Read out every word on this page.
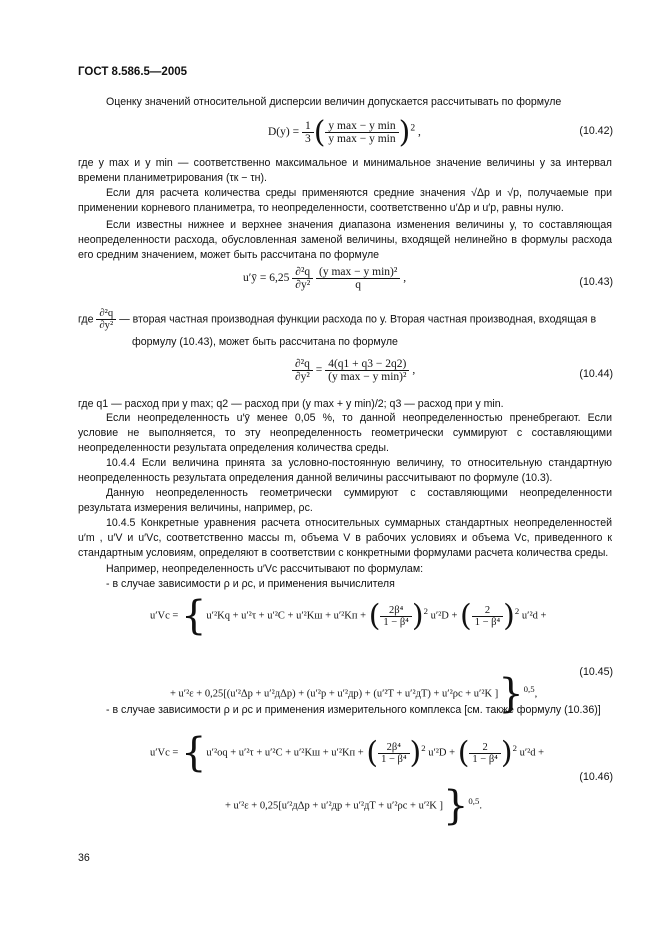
ГОСТ 8.586.5—2005
Оценку значений относительной дисперсии величин допускается рассчитывать по формуле
$D(y) = \frac{1}{3}$ ( $\frac{\text{y max − y min}}{\text{y max − y min}} )^2$ ,	(10.42)
где y max и y min — соответственно максимальное и минимальное значение величины у за интервал времени планиметрирования (τк − τн).
Если для расчета количества среды применяются средние значения √Δp и √p, получаемые при применении корневого планиметра, то неопределенности, соответственно u′Δp и u′p, равны нулю.
Если известны нижнее и верхнее значения диапазона изменения величины у, то составляющая неопределенности расхода, обусловленная заменой величины, входящей нелинейно в формулы расхода его средним значением, может быть рассчитана по формуле
u′ȳ = $6,25 \frac{\text{∂²q}}{\text{∂y²}}$
$\frac{\text{(y max − y min)²}}{q}$ ,	(10.43)
где $\frac{\text{∂²q}}{\text{∂y²}}$ — вторая частная производная функции расхода по у. Вторая частная производная, входящая в
формулу (10.43), может быть рассчитана по формуле
$\frac{\text{∂²q}}{\text{∂y²}} = \frac{4(q1 + q3 - 2q2)}{\text{(y max − y min)²}}$ ,	(10.44)
где q1 — расход при y max; q2 — расход при (y max + y min)/2; q3 — расход при y min.
Если неопределенность u′ȳ менее 0,05 %, то данной неопределенностью пренебрегают. Если условие не выполняется, то эту неопределенность геометрически суммируют с составляющими неопределенности результата определения количества среды.
10.4.4 Если величина принята за условно-постоянную величину, то относительную стандартную неопределенность результата определения данной величины рассчитывают по формуле (10.3).
Данную неопределенность геометрически суммируют с составляющими неопределенности результата измерения величины, например, ρc.
10.4.5 Конкретные уравнения расчета относительных суммарных стандартных неопределенностей u′m , u′V и u′Vc, соответственно массы m, объема V в рабочих условиях и объема Vc, приведенного к стандартным условиям, определяют в соответствии с конкретными формулами расчета количества среды.
Например, неопределенность u′Vc рассчитывают по формулам:
- в случае зависимости ρ и ρc, и применения вычислителя
u′Vc = {u′²Kq + u′²τ + u′²C + u′²Kш + u′²Kп + ( $\frac{\text{2β⁴}}{\text{1 − β⁴}} )^2$ u′²D + ( $\frac{2}{\text{1 − β⁴}} )^2$ u′²d +
(10.45)
+ u′²ε + 0,25[(u′²Δp + u′²дΔp) + (u′²p + u′²дp) + (u′²T + u′²дT) + u′²ρc + u′²K ]}$^{0,5}$,
- в случае зависимости ρ и ρc и применения измерительного комплекса [см. также формулу (10.36)]
u′Vc = {u′²oq + u′²τ + u′²C + u′²Kш + u′²Kп + ( $\frac{\text{2β⁴}}{\text{1 − β⁴}} )^2$ u′²D + ( $\frac{2}{\text{1 − β⁴}} )^2$ u′²d +
(10.46)
+ u′²ε + 0,25[u′²дΔp + u′²дp + u′²дT + u′²ρc + u′²K ]}$^{0,5}$.
36
